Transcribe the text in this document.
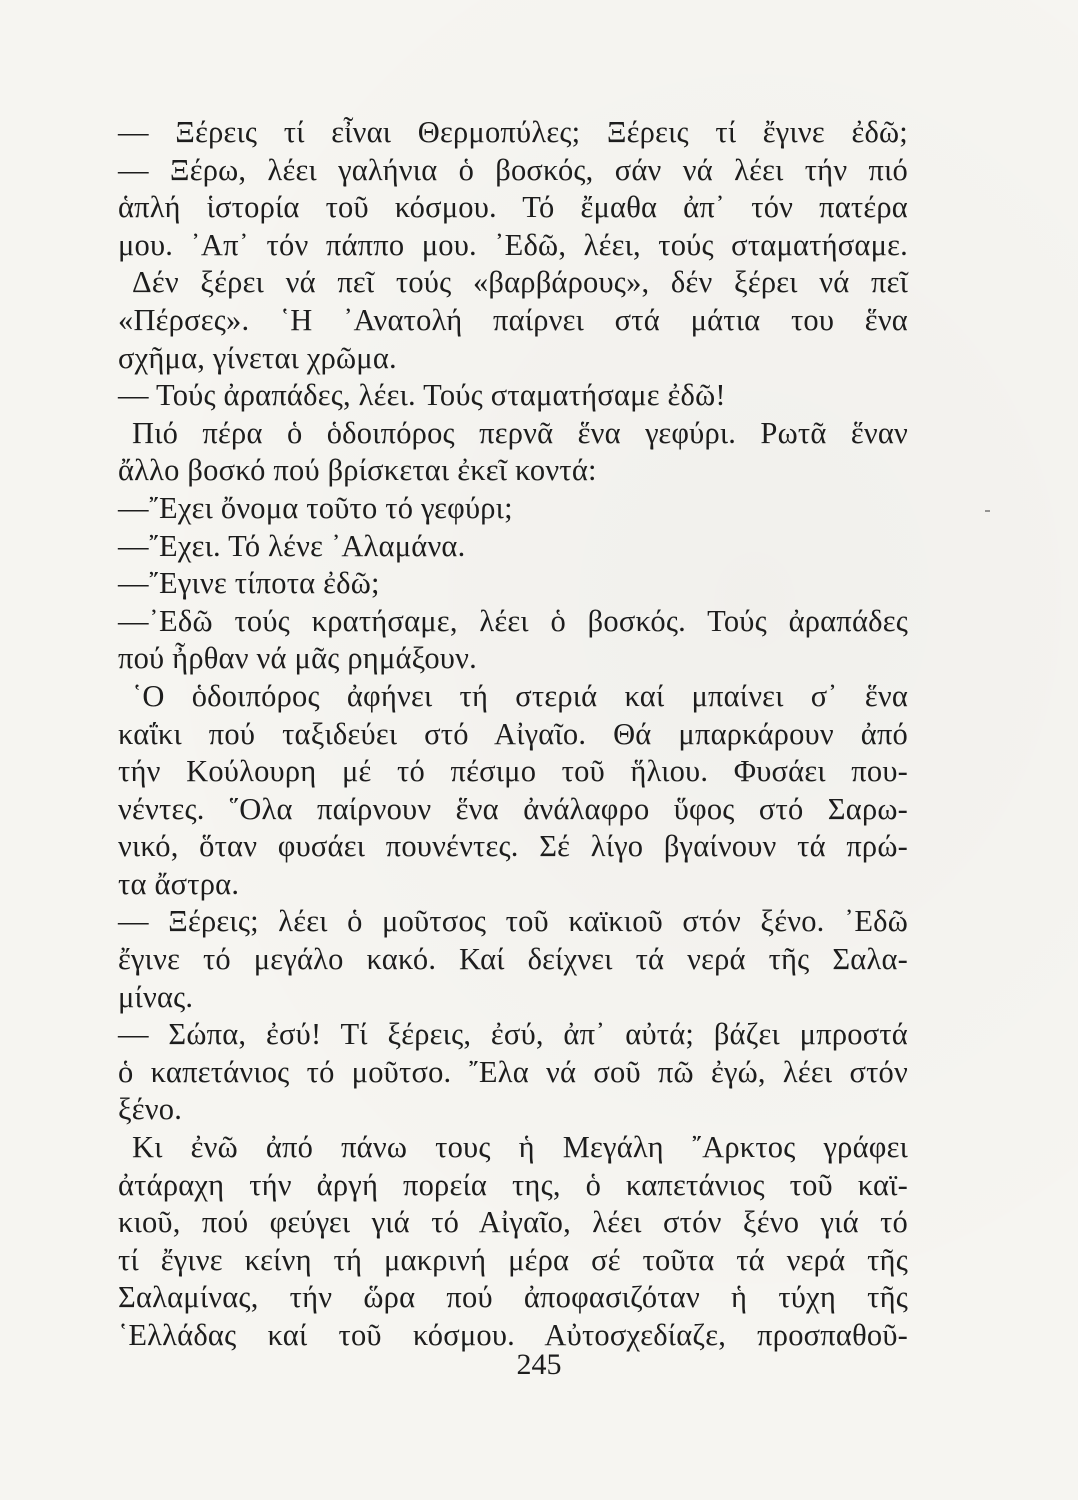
— Ξέρεις τί εἶναι Θερμοπύλες; Ξέρεις τί ἔγινε ἐδῶ;
— Ξέρω, λέει γαλήνια ὁ βοσκός, σάν νά λέει τήν πιό
ἁπλή ἱστορία τοῦ κόσμου. Τό ἔμαθα ἀπ᾽ τόν πατέρα
μου. ᾿Απ᾽ τόν πάππο μου. ᾿Εδῶ, λέει, τούς σταματήσαμε.
Δέν ξέρει νά πεῖ τούς «βαρβάρους», δέν ξέρει νά πεῖ
«Πέρσες». ῾Η ᾿Ανατολή παίρνει στά μάτια του ἕνα
σχῆμα, γίνεται χρῶμα.
— Τούς ἀραπάδες, λέει. Τούς σταματήσαμε ἐδῶ!
Πιό πέρα ὁ ὁδοιπόρος περνᾶ ἕνα γεφύρι. Ρωτᾶ ἕναν
ἄλλο βοσκό πού βρίσκεται ἐκεῖ κοντά:
—῎Εχει ὄνομα τοῦτο τό γεφύρι;
—῎Εχει. Τό λένε ᾿Αλαμάνα.
—῎Εγινε τίποτα ἐδῶ;
—᾿Εδῶ τούς κρατήσαμε, λέει ὁ βοσκός. Τούς ἀραπάδες
πού ἦρθαν νά μᾶς ρημάξουν.
῾Ο ὁδοιπόρος ἀφήνει τή στεριά καί μπαίνει σ᾽ ἕνα
καΐκι πού ταξιδεύει στό Αἰγαῖο. Θά μπαρκάρουν ἀπό
τήν Κούλουρη μέ τό πέσιμο τοῦ ἥλιου. Φυσάει που-
νέντες. ῞Ολα παίρνουν ἕνα ἀνάλαφρο ὕφος στό Σαρω-
νικό, ὅταν φυσάει πουνέντες. Σέ λίγο βγαίνουν τά πρώ-
τα ἄστρα.
— Ξέρεις; λέει ὁ μοῦτσος τοῦ καϊκιοῦ στόν ξένο. ᾿Εδῶ
ἔγινε τό μεγάλο κακό. Καί δείχνει τά νερά τῆς Σαλα-
μίνας.
— Σώπα, ἐσύ! Τί ξέρεις, ἐσύ, ἀπ᾽ αὐτά; βάζει μπροστά
ὁ καπετάνιος τό μοῦτσο. ῎Ελα νά σοῦ πῶ ἐγώ, λέει στόν
ξένο.
Κι ἐνῶ ἀπό πάνω τους ἡ Μεγάλη ῎Αρκτος γράφει
ἀτάραχη τήν ἀργή πορεία της, ὁ καπετάνιος τοῦ καϊ-
κιοῦ, πού φεύγει γιά τό Αἰγαῖο, λέει στόν ξένο γιά τό
τί ἔγινε κείνη τή μακρινή μέρα σέ τοῦτα τά νερά τῆς
Σαλαμίνας, τήν ὥρα πού ἀποφασιζόταν ἡ τύχη τῆς
῾Ελλάδας καί τοῦ κόσμου. Αὐτοσχεδίαζε, προσπαθοῦ-
245
